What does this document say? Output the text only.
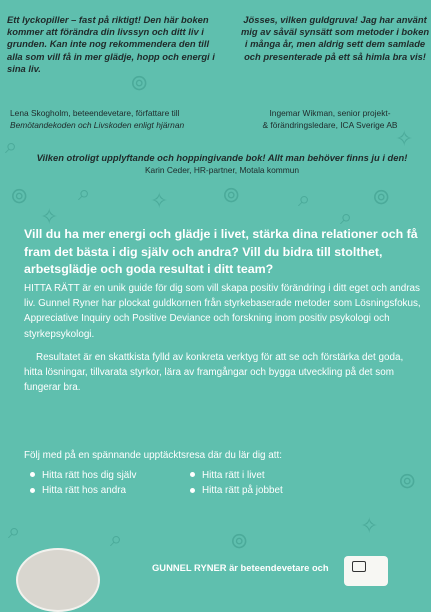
⊚ ⌕	✧ ⊚	⌕	⊚
✧	⌕
⊚
✧
⌕
⊚
✧
⌕	⌕	⊚
Ett lyckopiller – fast på riktigt! Den här boken kommer att förändra din livssyn och ditt liv i grunden. Kan inte nog rekommendera den till alla som vill få in mer glädje, hopp och energi i sina liv.
Lena Skogholm, beteendevetare, författare till
Bemötandekoden och Livskoden enligt hjärnan
Jösses, vilken guldgruva! Jag har använt mig av såväl synsätt som metoder i boken i många år, men aldrig sett dem samlade och presenterade på ett så himla bra vis!
Ingemar Wikman, senior projekt-
& förändringsledare, ICA Sverige AB
Vilken otroligt upplyftande och hoppingivande bok! Allt man behöver finns ju i den!
Karin Ceder, HR-partner, Motala kommun
Vill du ha mer energi och glädje i livet, stärka dina relationer och få fram det bästa i dig själv och andra? Vill du bidra till stolthet, arbetsglädje och goda resultat i ditt team?
HITTA RÄTT är en unik guide för dig som vill skapa positiv förändring i ditt eget och andras liv. Gunnel Ryner har plockat guldkornen från styrkebaserade metoder som Lösningsfokus, Appreciative Inquiry och Positive Deviance och forskning inom positiv psykologi och styrkepsykologi.
Resultatet är en skattkista fylld av konkreta verktyg för att se och förstärka det goda, hitta lösningar, tillvarata styrkor, lära av framgångar och bygga utveckling på det som fungerar bra.
Följ med på en spännande upptäcktsresa där du lär dig att:
Hitta rätt hos dig själv
Hitta rätt hos andra
Hitta rätt i livet
Hitta rätt på jobbet
GUNNEL RYNER är beteendevetare och
